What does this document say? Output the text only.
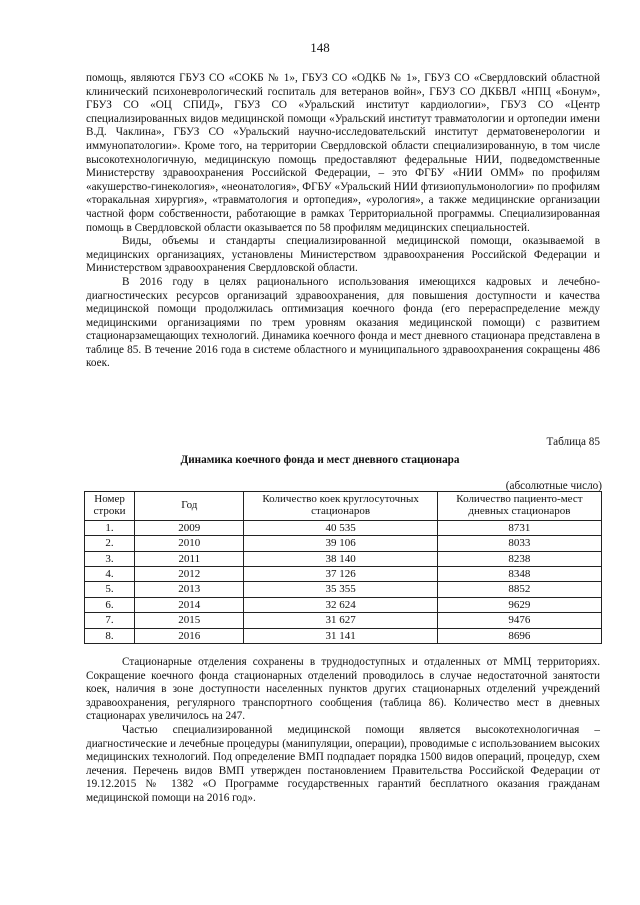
148

помощь, являются ГБУЗ СО «СОКБ № 1», ГБУЗ СО «ОДКБ № 1», ГБУЗ СО «Свердловский областной клинический психоневрологический госпиталь для ветеранов войн», ГБУЗ СО ДКБВЛ «НПЦ «Бонум», ГБУЗ СО «ОЦ СПИД», ГБУЗ СО «Уральский институт кардиологии», ГБУЗ СО «Центр специализированных видов медицинской помощи «Уральский институт травматологии и ортопедии имени В.Д. Чаклина», ГБУЗ СО «Уральский научно-исследовательский институт дерматовенерологии и иммунопатологии». Кроме того, на территории Свердловской области специализированную, в том числе высокотехнологичную, медицинскую помощь предоставляют федеральные НИИ, подведомственные Министерству здравоохранения Российской Федерации, – это ФГБУ «НИИ ОММ» по профилям «акушерство-гинекология», «неонатология», ФГБУ «Уральский НИИ фтизиопульмонологии» по профилям «торакальная хирургия», «травматология и ортопедия», «урология», а также медицинские организации частной форм собственности, работающие в рамках Территориальной программы. Специализированная помощь в Свердловской области оказывается по 58 профилям медицинских специальностей.

Виды, объемы и стандарты специализированной медицинской помощи, оказываемой в медицинских организациях, установлены Министерством здравоохранения Российской Федерации и Министерством здравоохранения Свердловской области.

В 2016 году в целях рационального использования имеющихся кадровых и лечебно-диагностических ресурсов организаций здравоохранения, для повышения доступности и качества медицинской помощи продолжилась оптимизация коечного фонда (его перераспределение между медицинскими организациями по трем уровням оказания медицинской помощи) с развитием стационарзамещающих технологий. Динамика коечного фонда и мест дневного стационара представлена в таблице 85. В течение 2016 года в системе областного и муниципального здравоохранения сокращены 486 коек.

Таблица 85
Динамика коечного фонда и мест дневного стационара
(абсолютные число)
Номер строки	Год	Количество коек круглосуточных стационаров	Количество пациенто-мест дневных стационаров
1.	2009	40 535	8731
2.	2010	39 106	8033
3.	2011	38 140	8238
4.	2012	37 126	8348
5.	2013	35 355	8852
6.	2014	32 624	9629
7.	2015	31 627	9476
8.	2016	31 141	8696

Стационарные отделения сохранены в труднодоступных и отдаленных от ММЦ территориях. Сокращение коечного фонда стационарных отделений проводилось в случае недостаточной занятости коек, наличия в зоне доступности населенных пунктов других стационарных отделений учреждений здравоохранения, регулярного транспортного сообщения (таблица 86). Количество мест в дневных стационарах увеличилось на 247.

Частью специализированной медицинской помощи является высокотехнологичная – диагностические и лечебные процедуры (манипуляции, операции), проводимые с использованием высоких медицинских технологий. Под определение ВМП подпадает порядка 1500 видов операций, процедур, схем лечения. Перечень видов ВМП утвержден постановлением Правительства Российской Федерации от 19.12.2015 № 1382 «О Программе государственных гарантий бесплатного оказания гражданам медицинской помощи на 2016 год».
